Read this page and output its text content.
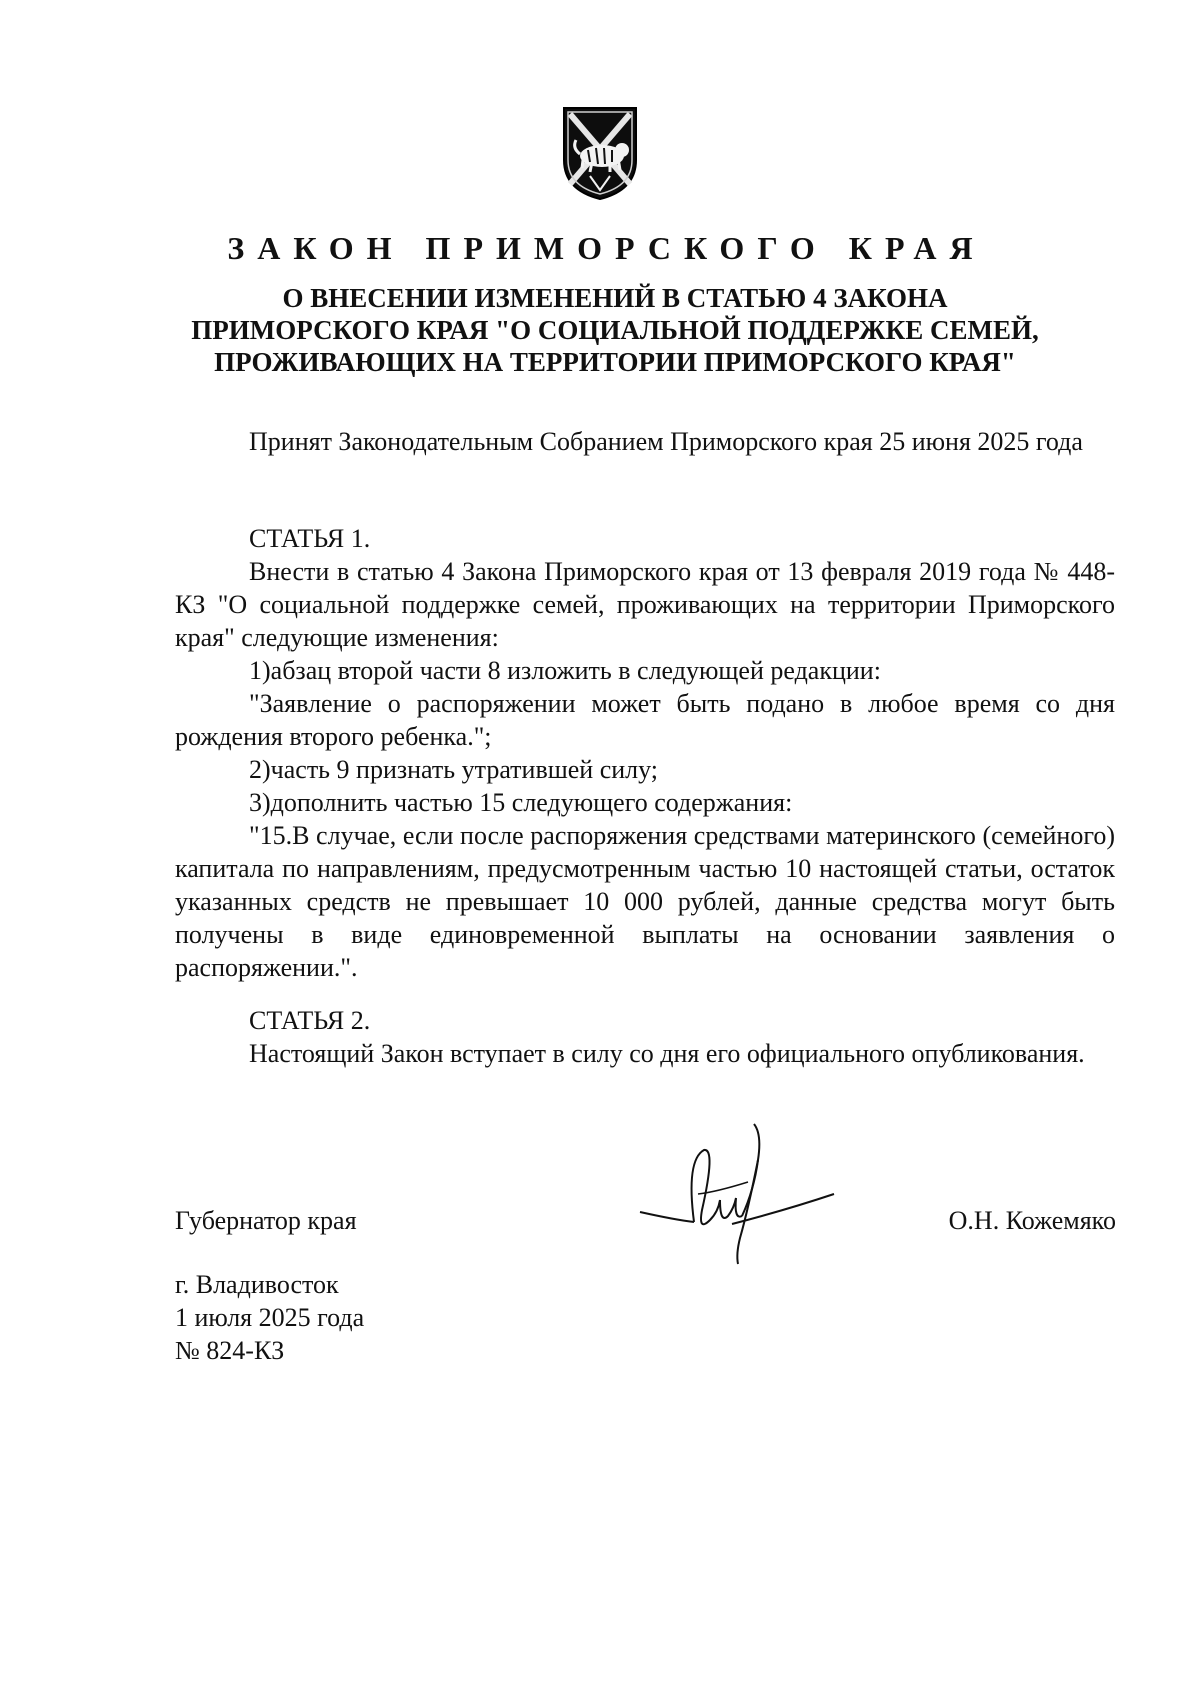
ЗАКОН ПРИМОРСКОГО КРАЯ
О ВНЕСЕНИИ ИЗМЕНЕНИЙ В СТАТЬЮ 4 ЗАКОНА
ПРИМОРСКОГО КРАЯ "О СОЦИАЛЬНОЙ ПОДДЕРЖКЕ СЕМЕЙ,
ПРОЖИВАЮЩИХ НА ТЕРРИТОРИИ ПРИМОРСКОГО КРАЯ"

Принят Законодательным Собранием Приморского края 25 июня 2025 года

СТАТЬЯ 1.

Внести в статью 4 Закона Приморского края от 13 февраля 2019 года № 448-КЗ "О социальной поддержке семей, проживающих на территории Приморского края" следующие изменения:

1)абзац второй части 8 изложить в следующей редакции:

"Заявление о распоряжении может быть подано в любое время со дня рождения второго ребенка.";

2)часть 9 признать утратившей силу;

3)дополнить частью 15 следующего содержания:

"15.В случае, если после распоряжения средствами материнского (семейного) капитала по направлениям, предусмотренным частью 10 настоящей статьи, остаток указанных средств не превышает 10 000 рублей, данные средства могут быть получены в виде единовременной выплаты на основании заявления о распоряжении.".

СТАТЬЯ 2.

Настоящий Закон вступает в силу со дня его официального опубликования.

Губернатор края	О.Н. Кожемяко

г. Владивосток
1 июля 2025 года
№ 824-КЗ
